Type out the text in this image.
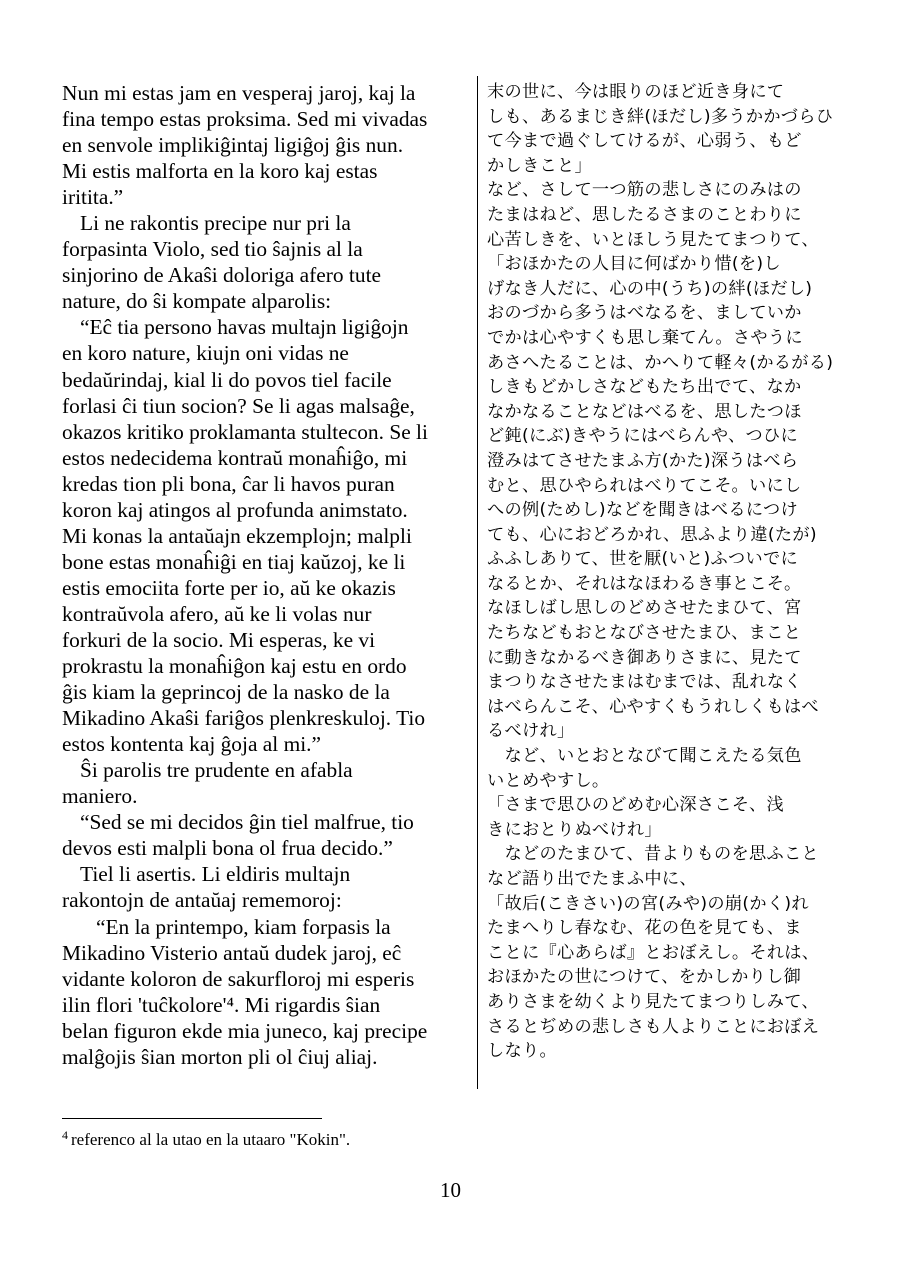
Nun mi estas jam en vesperaj jaroj, kaj la

fina tempo estas proksima. Sed mi vivadas

en senvole implikiĝintaj ligiĝoj ĝis nun.

Mi estis malforta en la koro kaj estas

iritita.”

Li ne rakontis precipe nur pri la

forpasinta Violo, sed tio ŝajnis al la

sinjorino de Akaŝi doloriga afero tute

nature, do ŝi kompate alparolis:

“Eĉ tia persono havas multajn ligiĝojn

en koro nature, kiujn oni vidas ne

bedaŭrindaj, kial li do povos tiel facile

forlasi ĉi tiun socion? Se li agas malsaĝe,

okazos kritiko proklamanta stultecon. Se li

estos nedecidema kontraŭ monaĥiĝo, mi

kredas tion pli bona, ĉar li havos puran

koron kaj atingos al profunda animstato.

Mi konas la antaŭajn ekzemplojn; malpli

bone estas monaĥiĝi en tiaj kaŭzoj, ke li

estis emociita forte per io, aŭ ke okazis

kontraŭvola afero, aŭ ke li volas nur

forkuri de la socio. Mi esperas, ke vi

prokrastu la monaĥiĝon kaj estu en ordo

ĝis kiam la geprincoj de la nasko de la

Mikadino Akaŝi fariĝos plenkreskuloj. Tio

estos kontenta kaj ĝoja al mi.”

Ŝi parolis tre prudente en afabla

maniero.

“Sed se mi decidos ĝin tiel malfrue, tio

devos esti malpli bona ol frua decido.”

Tiel li asertis. Li eldiris multajn

rakontojn de antaŭaj rememoroj:

“En la printempo, kiam forpasis la

Mikadino Visterio antaŭ dudek jaroj, eĉ

vidante koloron de sakurfloroj mi esperis

ilin flori 'tuĉkolore'⁴. Mi rigardis ŝian

belan figuron ekde mia juneco, kaj precipe

malĝojis ŝian morton pli ol ĉiuj aliaj.

末の世に、今は眼りのほど近き身にて

しも、あるまじき絆(ほだし)多うかかづらひ

て今まで過ぐしてけるが、心弱う、もど

かしきこと」

など、さして一つ筋の悲しさにのみはの

たまはねど、思したるさまのことわりに

心苦しきを、いとほしう見たてまつりて、

「おほかたの人目に何ばかり惜(を)し

げなき人だに、心の中(うち)の絆(ほだし)

おのづから多うはべなるを、ましていか

でかは心やすくも思し棄てん。さやうに

あさへたることは、かへりて軽々(かるがる)

しきもどかしさなどもたち出でて、なか

なかなることなどはべるを、思したつほ

ど鈍(にぶ)きやうにはべらんや、つひに

澄みはてさせたまふ方(かた)深うはべら

むと、思ひやられはべりてこそ。いにし

への例(ためし)などを聞きはべるにつけ

ても、心におどろかれ、思ふより違(たが)

ふふしありて、世を厭(いと)ふついでに

なるとか、それはなほわるき事とこそ。

なほしばし思しのどめさせたまひて、宮

たちなどもおとなびさせたまひ、まこと

に動きなかるべき御ありさまに、見たて

まつりなさせたまはむまでは、乱れなく

はべらんこそ、心やすくもうれしくもはべ

るべけれ」

　など、いとおとなびて聞こえたる気色

いとめやすし。

「さまで思ひのどめむ心深さこそ、浅

きにおとりぬべけれ」

　などのたまひて、昔よりものを思ふこと

など語り出でたまふ中に、

「故后(こきさい)の宮(みや)の崩(かく)れ

たまへりし春なむ、花の色を見ても、ま

ことに『心あらば』とおぼえし。それは、

おほかたの世につけて、をかしかりし御

ありさまを幼くより見たてまつりしみて、

さるとぢめの悲しさも人よりことにおぼえ

しなり。

$^4$ referenco al la utao en la utaaro "Kokin".
10
